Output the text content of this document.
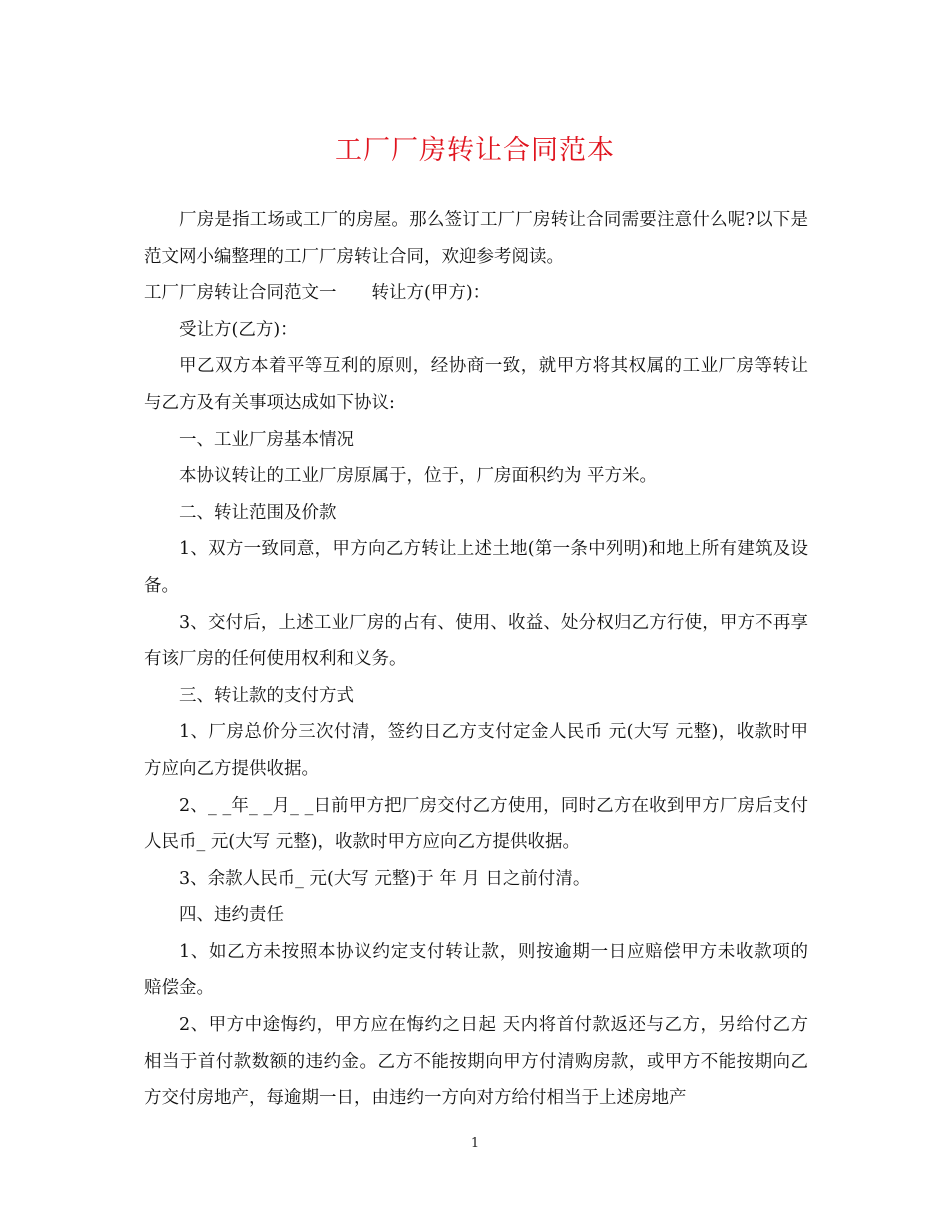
工厂厂房转让合同范本

厂房是指工场或工厂的房屋。那么签订工厂厂房转让合同需要注意什么呢?以下是范文网小编整理的工厂厂房转让合同，欢迎参考阅读。

工厂厂房转让合同范文一　　转让方(甲方)：

受让方(乙方)：

甲乙双方本着平等互利的原则，经协商一致，就甲方将其权属的工业厂房等转让与乙方及有关事项达成如下协议:

一、工业厂房基本情况

本协议转让的工业厂房原属于，位于，厂房面积约为 平方米。

二、转让范围及价款

1、双方一致同意，甲方向乙方转让上述土地(第一条中列明)和地上所有建筑及设备。

3、交付后，上述工业厂房的占有、使用、收益、处分权归乙方行使，甲方不再享有该厂房的任何使用权利和义务。

三、转让款的支付方式

1、厂房总价分三次付清，签约日乙方支付定金人民币 元(大写 元整)，收款时甲方应向乙方提供收据。

2、_ _年_ _月_ _日前甲方把厂房交付乙方使用，同时乙方在收到甲方厂房后支付人民币_ 元(大写 元整)，收款时甲方应向乙方提供收据。

3、余款人民币_ 元(大写 元整)于 年 月 日之前付清。

四、违约责任

1、如乙方未按照本协议约定支付转让款，则按逾期一日应赔偿甲方未收款项的 赔偿金。

2、甲方中途悔约，甲方应在悔约之日起 天内将首付款返还与乙方，另给付乙方相当于首付款数额的违约金。乙方不能按期向甲方付清购房款，或甲方不能按期向乙方交付房地产，每逾期一日，由违约一方向对方给付相当于上述房地产

1
